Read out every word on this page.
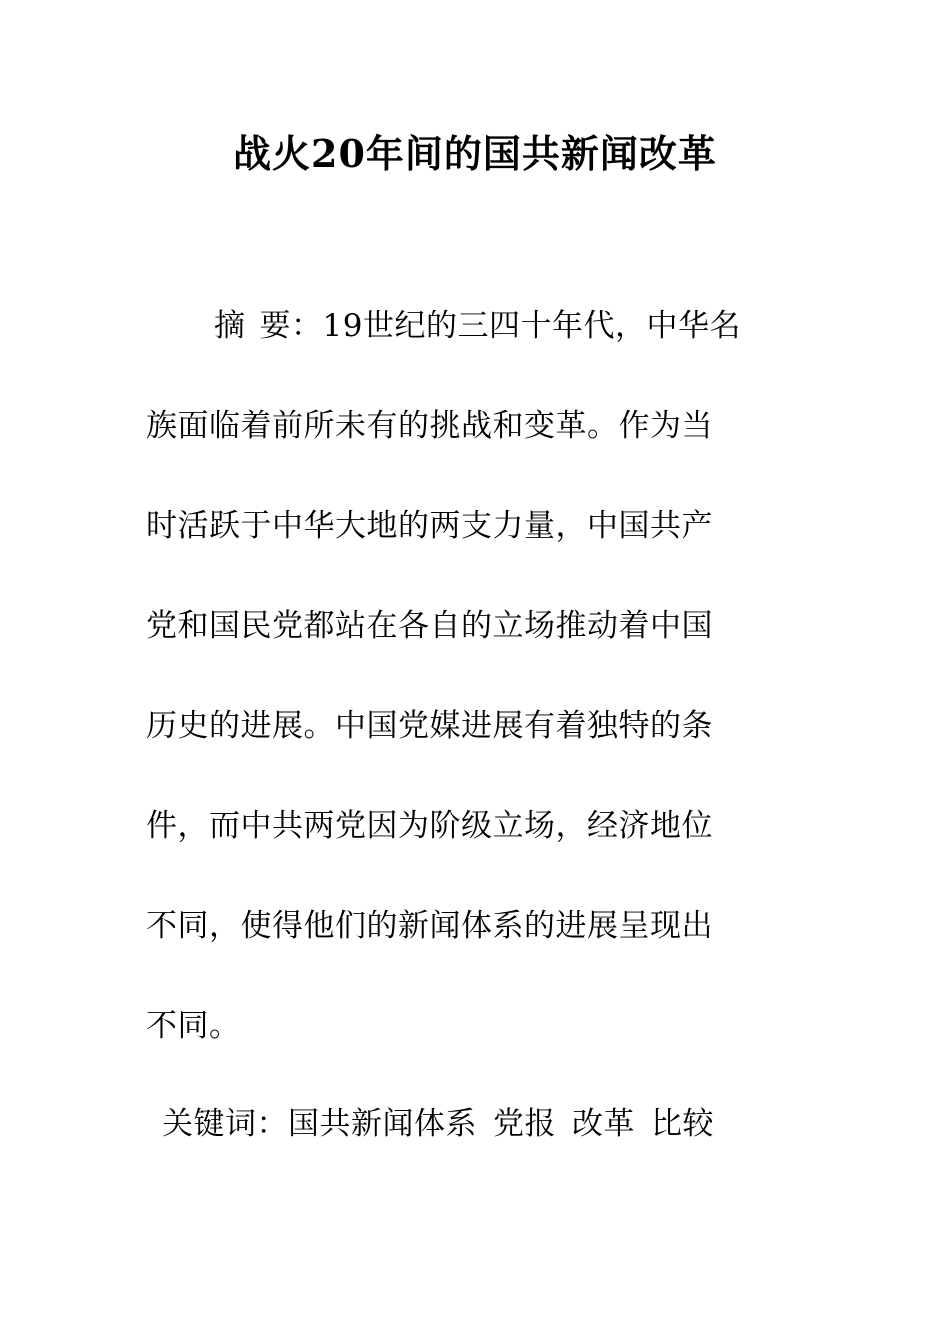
战火20年间的国共新闻改革
摘 要：19世纪的三四十年代，中华名
族面临着前所未有的挑战和变革。作为当
时活跃于中华大地的两支力量，中国共产
党和国民党都站在各自的立场推动着中国
历史的进展。中国党媒进展有着独特的条
件，而中共两党因为阶级立场，经济地位
不同，使得他们的新闻体系的进展呈现出
不同。
关键词：国共新闻体系 党报 改革 比较
